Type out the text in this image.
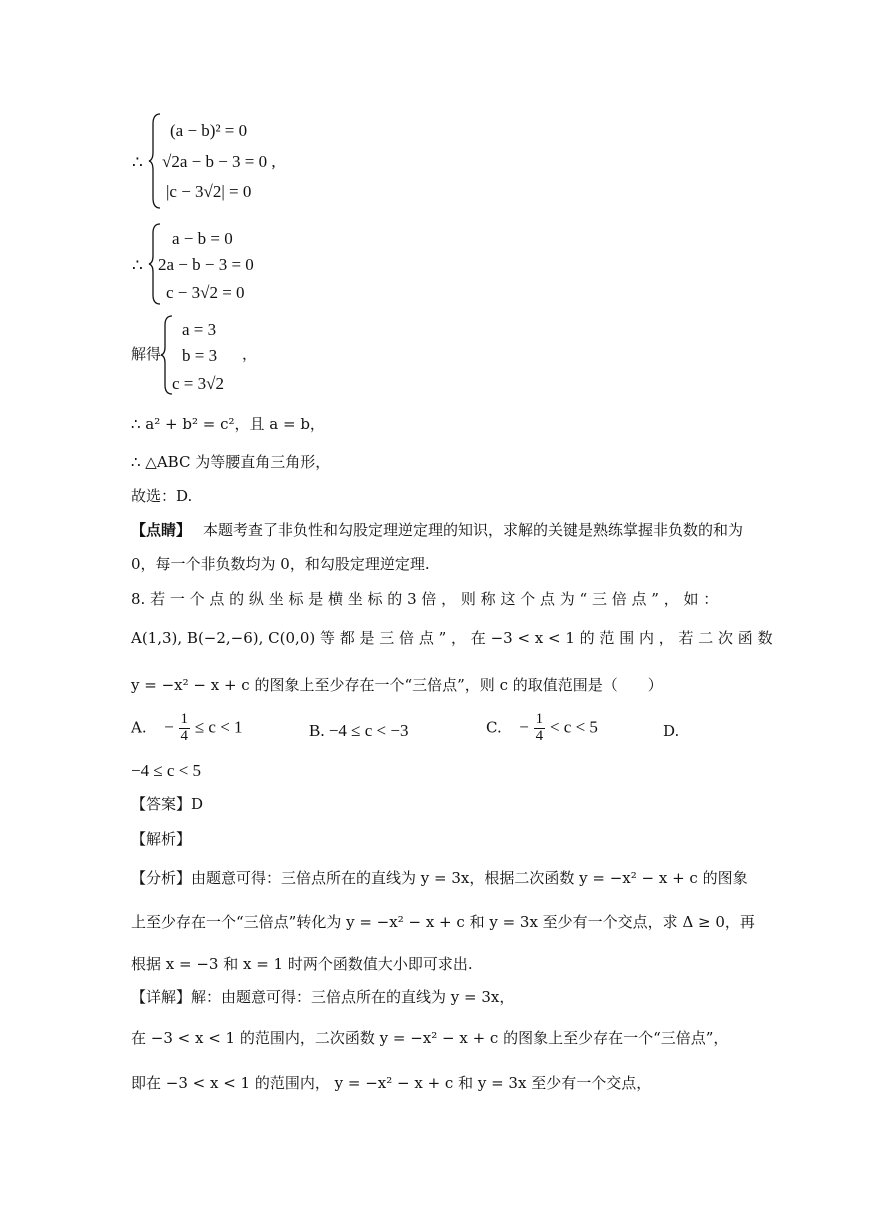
∴
(a − b)² = 0
√2a − b − 3 = 0 ,
|c − 3√2| = 0
∴
a − b = 0
2a − b − 3 = 0
c − 3√2 = 0
解得
a = 3
b = 3
c = 3√2
，
∴ a² + b² = c²，且 a = b，
∴ △ABC 为等腰直角三角形，
故选：D.
【点睛】 本题考查了非负性和勾股定理逆定理的知识，求解的关键是熟练掌握非负数的和为
0，每一个非负数均为 0，和勾股定理逆定理.
8. 若 一 个 点 的 纵 坐 标 是 横 坐 标 的 3 倍 ， 则 称 这 个 点 为 “ 三 倍 点 ” ， 如 ：
A(1,3), B(−2,−6), C(0,0) 等 都 是 三 倍 点 ” ， 在 −3 < x < 1 的 范 围 内 ， 若 二 次 函 数
y = −x² − x + c 的图象上至少存在一个“三倍点”，则 c 的取值范围是（　　）
A. − $\frac{1}{4} \le c < 1$	B. −4 ≤ c < −3	C. − $\frac{1}{4} < c < 5$	D.
−4 ≤ c < 5
【答案】D
【解析】
【分析】由题意可得：三倍点所在的直线为 y = 3x，根据二次函数 y = −x² − x + c 的图象
上至少存在一个“三倍点”转化为 y = −x² − x + c 和 y = 3x 至少有一个交点，求 Δ ≥ 0，再
根据 x = −3 和 x = 1 时两个函数值大小即可求出.
【详解】解：由题意可得：三倍点所在的直线为 y = 3x，
在 −3 < x < 1 的范围内，二次函数 y = −x² − x + c 的图象上至少存在一个“三倍点”，
即在 −3 < x < 1 的范围内， y = −x² − x + c 和 y = 3x 至少有一个交点，
